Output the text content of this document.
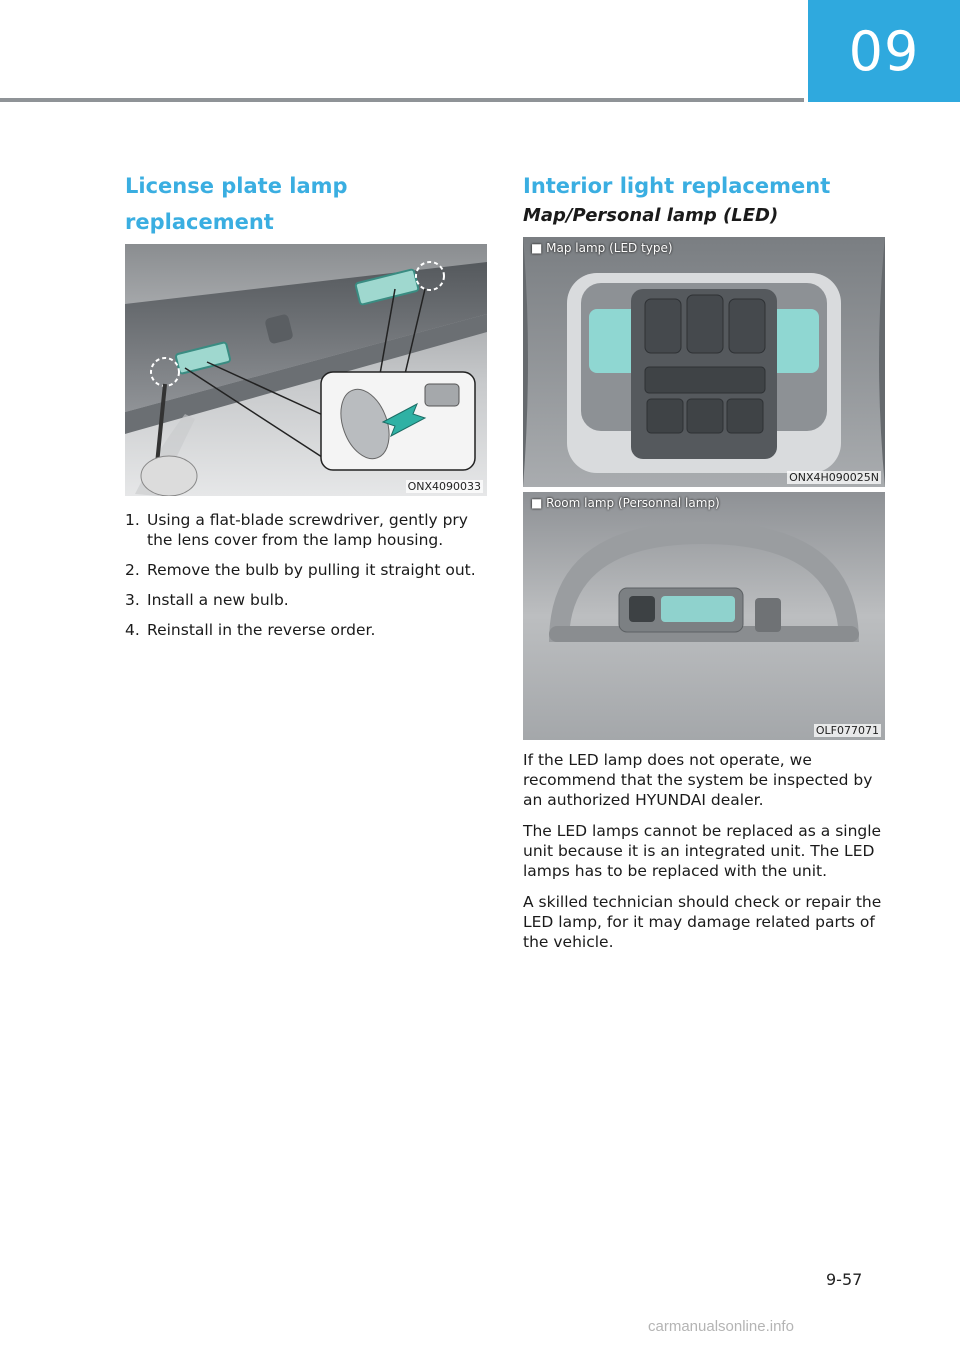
09
License plate lamp replacement
ONX4090033
1. Using a flat-blade screwdriver, gently pry the lens cover from the lamp housing.
2. Remove the bulb by pulling it straight out.
3. Install a new bulb.
4. Reinstall in the reverse order.
Interior light replacement
Map/Personal lamp (LED)
■ Map lamp (LED type)
ONX4H090025N
■ Room lamp (Personnal lamp)
OLF077071

If the LED lamp does not operate, we recommend that the system be inspected by an authorized HYUNDAI dealer.

The LED lamps cannot be replaced as a single unit because it is an integrated unit. The LED lamps has to be replaced with the unit.

A skilled technician should check or repair the LED lamp, for it may damage related parts of the vehicle.

9-57
carmanualsonline.info
